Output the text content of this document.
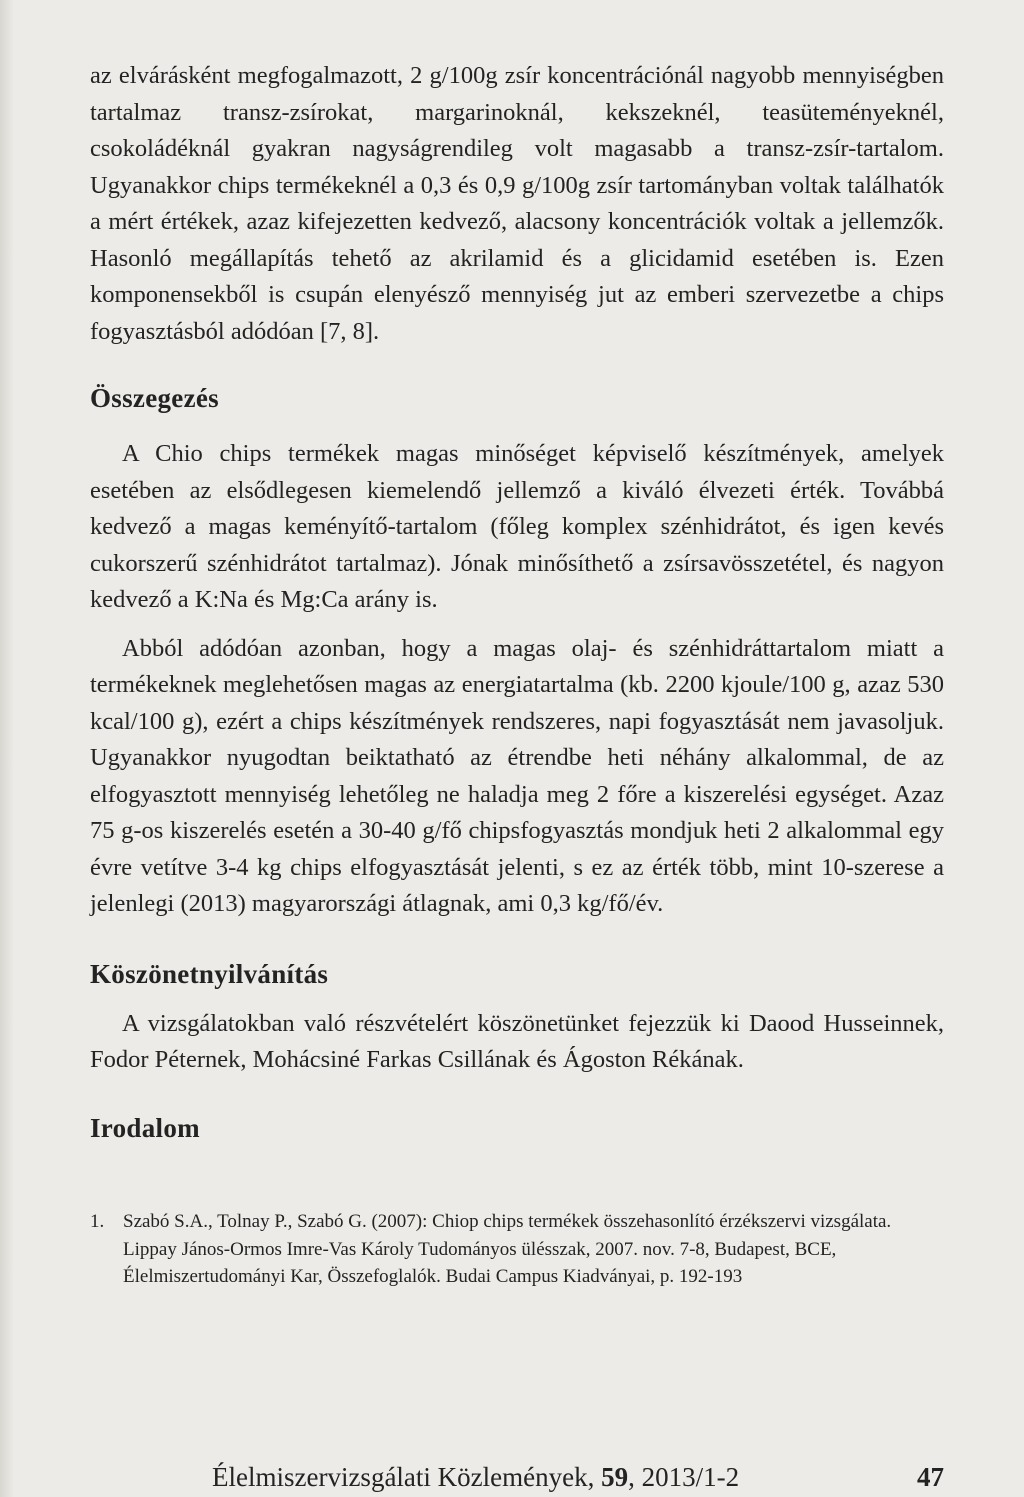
az elvárásként megfogalmazott, 2 g/100g zsír koncentrációnál nagyobb mennyiségben tartalmaz transz-zsírokat, margarinoknál, kekszeknél, teasüteményeknél, csokoládéknál gyakran nagyságrendileg volt magasabb a transz-zsír-tartalom. Ugyanakkor chips termékeknél a 0,3 és 0,9 g/100g zsír tartományban voltak találhatók a mért értékek, azaz kifejezetten kedvező, alacsony koncentrációk voltak a jellemzők. Hasonló megállapítás tehető az akrilamid és a glicidamid esetében is. Ezen komponensekből is csupán elenyésző mennyiség jut az emberi szervezetbe a chips fogyasztásból adódóan [7, 8].

Összegezés

A Chio chips termékek magas minőséget képviselő készítmények, amelyek esetében az elsődlegesen kiemelendő jellemző a kiváló élvezeti érték. Továbbá kedvező a magas keményítő-tartalom (főleg komplex szénhidrátot, és igen kevés cukorszerű szénhidrátot tartalmaz). Jónak minősíthető a zsírsavösszetétel, és nagyon kedvező a K:Na és Mg:Ca arány is.

Abból adódóan azonban, hogy a magas olaj- és szénhidráttartalom miatt a termékeknek meglehetősen magas az energiatartalma (kb. 2200 kjoule/100 g, azaz 530 kcal/100 g), ezért a chips készítmények rendszeres, napi fogyasztását nem javasoljuk. Ugyanakkor nyugodtan beiktatható az étrendbe heti néhány alkalommal, de az elfogyasztott mennyiség lehetőleg ne haladja meg 2 főre a kiszerelési egységet. Azaz 75 g-os kiszerelés esetén a 30-40 g/fő chipsfogyasztás mondjuk heti 2 alkalommal egy évre vetítve 3-4 kg chips elfogyasztását jelenti, s ez az érték több, mint 10-szerese a jelenlegi (2013) magyarországi átlagnak, ami 0,3 kg/fő/év.

Köszönetnyilvánítás

A vizsgálatokban való részvételért köszönetünket fejezzük ki Daood Husseinnek, Fodor Péternek, Mohácsiné Farkas Csillának és Ágoston Rékának.

Irodalom
1. Szabó S.A., Tolnay P., Szabó G. (2007): Chiop chips termékek összehasonlító érzékszervi vizsgálata. Lippay János-Ormos Imre-Vas Károly Tudományos ülésszak, 2007. nov. 7-8, Budapest, BCE, Élelmiszertudományi Kar, Összefoglalók. Budai Campus Kiadványai, p. 192-193
Élelmiszervizsgálati Közlemények, 59, 2013/1-2	47
